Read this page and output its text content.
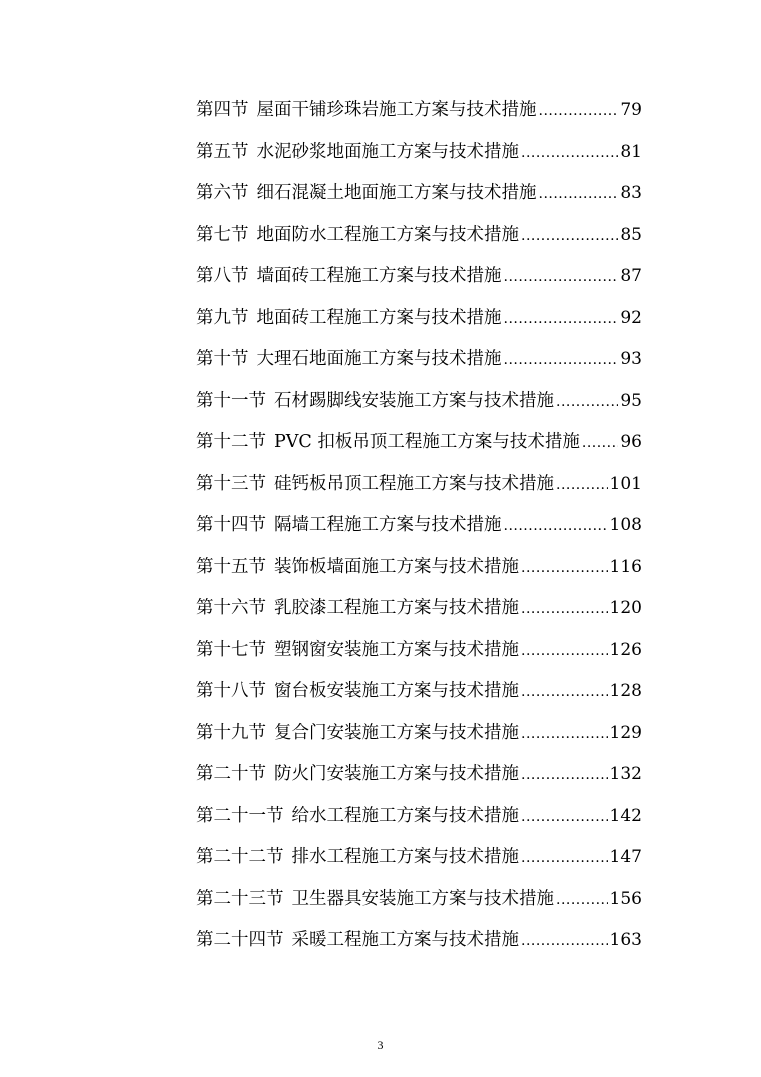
第四节 屋面干铺珍珠岩施工方案与技术措施 .....	79
第五节 水泥砂浆地面施工方案与技术措施 .....	81
第六节 细石混凝土地面施工方案与技术措施 .....	83
第七节 地面防水工程施工方案与技术措施 .....	85
第八节 墙面砖工程施工方案与技术措施 .....	87
第九节 地面砖工程施工方案与技术措施 .....	92
第十节 大理石地面施工方案与技术措施 .....	93
第十一节 石材踢脚线安装施工方案与技术措施 .....	95
第十二节 PVC 扣板吊顶工程施工方案与技术措施 ..... 96
第十三节 硅钙板吊顶工程施工方案与技术措施 .....	101
第十四节 隔墙工程施工方案与技术措施 .....	108
第十五节 装饰板墙面施工方案与技术措施 .....	116
第十六节 乳胶漆工程施工方案与技术措施 .....	120
第十七节 塑钢窗安装施工方案与技术措施 .....	126
第十八节 窗台板安装施工方案与技术措施 .....	128
第十九节 复合门安装施工方案与技术措施 .....	129
第二十节 防火门安装施工方案与技术措施 .....	132
第二十一节 给水工程施工方案与技术措施 .....	142
第二十二节 排水工程施工方案与技术措施 .....	147
第二十三节 卫生器具安装施工方案与技术措施 .....	156
第二十四节 采暖工程施工方案与技术措施 .....	163
3
